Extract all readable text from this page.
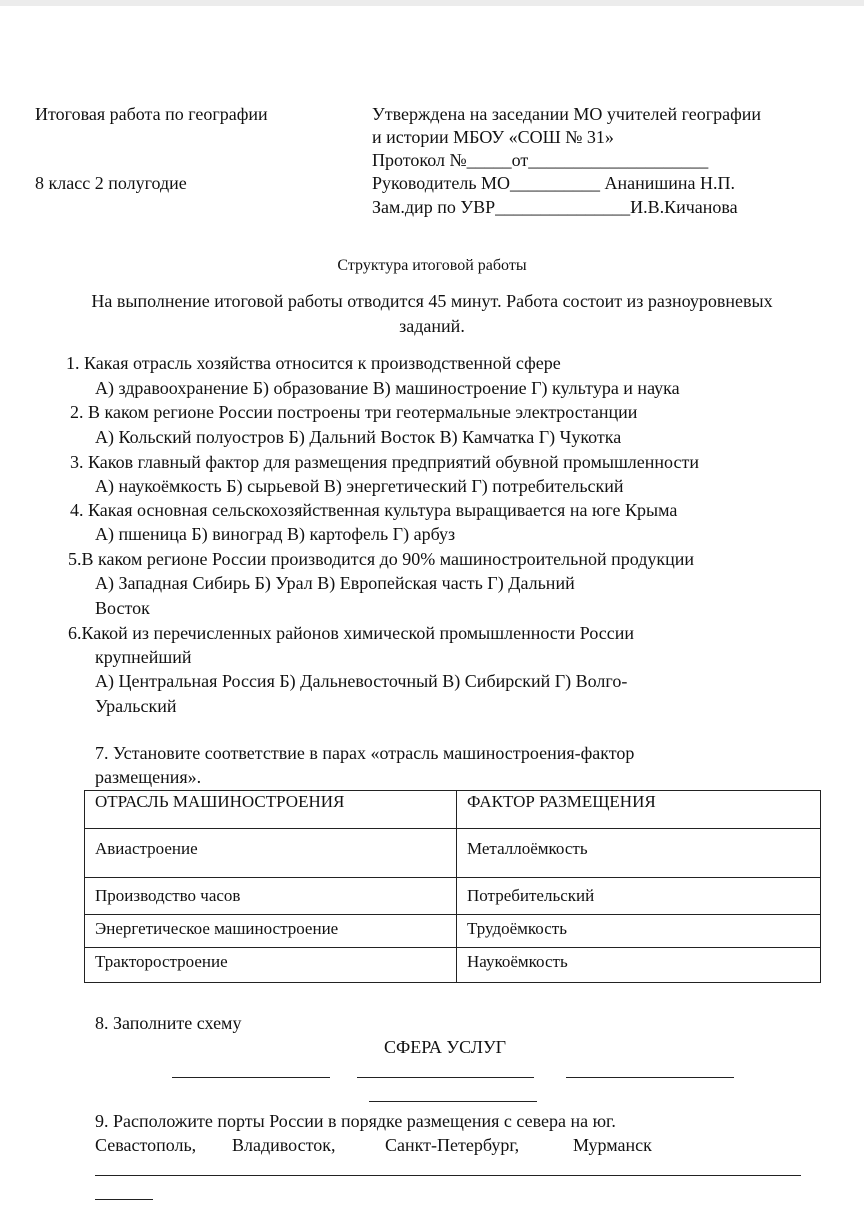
Итоговая работа по географии
8 класс 2 полугодие
Утверждена на заседании МО учителей географии
и истории МБОУ «СОШ № 31»
Протокол №_____от____________________
Руководитель МО__________ Ананишина Н.П.
Зам.дир по УВР_______________И.В.Кичанова
Структура итоговой работы
На выполнение итоговой работы отводится 45 минут. Работа состоит из разноуровневых
заданий.
1. Какая отрасль хозяйства относится к производственной сфере
А) здравоохранение Б) образование В) машиностроение Г) культура и наука
2. В каком регионе России построены три геотермальные электростанции
А) Кольский полуостров Б) Дальний Восток В) Камчатка Г) Чукотка
3. Каков главный фактор для размещения предприятий обувной промышленности
А) наукоёмкость Б) сырьевой В) энергетический Г) потребительский
4. Какая основная сельскохозяйственная культура выращивается на юге Крыма
А) пшеница Б) виноград В) картофель Г) арбуз
5.В каком регионе России производится до 90% машиностроительной продукции
А) Западная Сибирь Б) Урал В) Европейская часть Г) Дальний
Восток
6.Какой из перечисленных районов химической промышленности России
крупнейший
А) Центральная Россия Б) Дальневосточный В) Сибирский Г) Волго-
Уральский
7. Установите соответствие в парах «отрасль машиностроения-фактор
размещения».
ОТРАСЛЬ МАШИНОСТРОЕНИЯ	ФАКТОР РАЗМЕЩЕНИЯ
Авиастроение	Металлоёмкость
Производство часов	Потребительский
Энергетическое машиностроение	Трудоёмкость
Тракторостроение	Наукоёмкость
8. Заполните схему
СФЕРА УСЛУГ
9. Расположите порты России в порядке размещения с севера на юг.
Севастополь, Владивосток,	Санкт-Петербург,	Мурманск
